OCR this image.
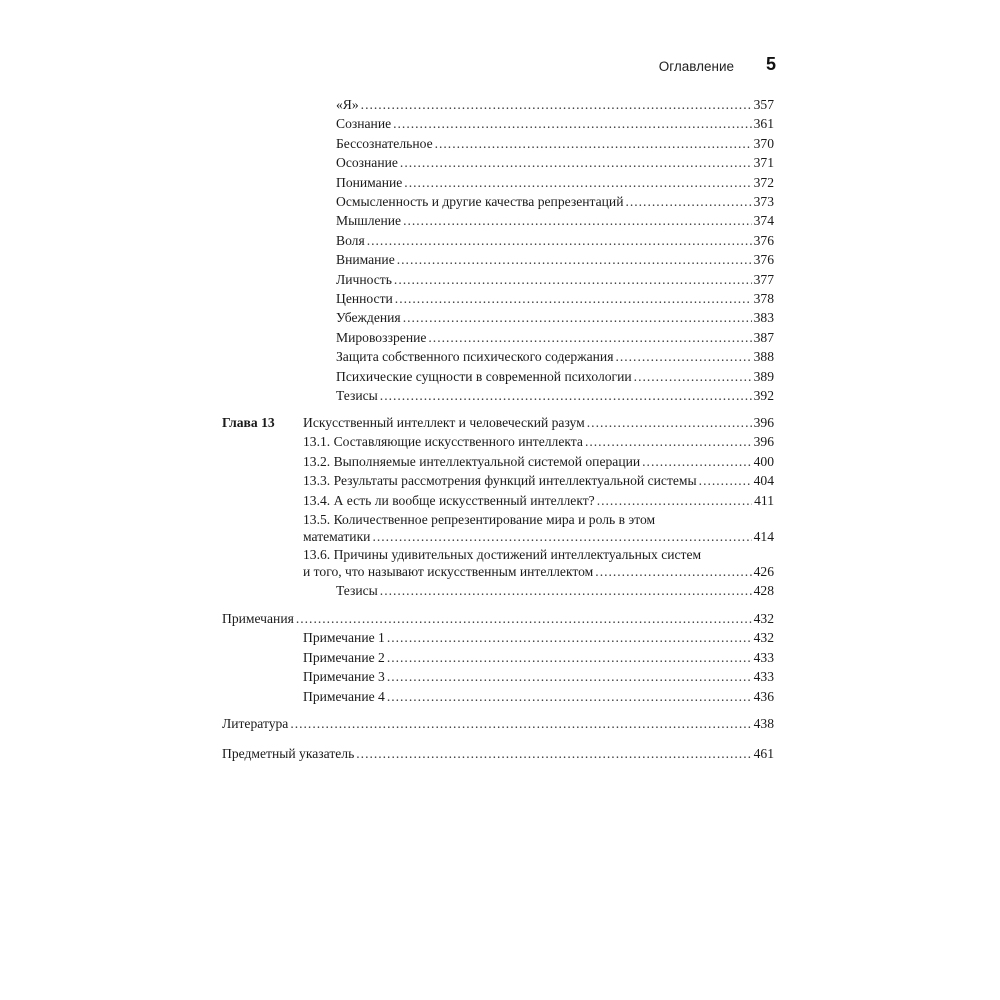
Оглавление 5
«Я» . . .	357
Сознание . . .	361
Бессознательное . . .	370
Осознание . . .	371
Понимание . . .	372
Осмысленность и другие качества репрезентаций . . .	373
Мышление . . .	374
Воля . . .	376
Внимание . . .	376
Личность . . .	377
Ценности . . .	378
Убеждения . . .	383
Мировоззрение . . .	387
Защита собственного психического содержания . . .	388
Психические сущности в современной психологии . . .	389
Тезисы . . .	392
Глава 13 Искусственный интеллект и человеческий разум . . .	396
13.1. Составляющие искусственного интеллекта . . .	396
13.2. Выполняемые интеллектуальной системой операции . . .	400
13.3. Результаты рассмотрения функций интеллектуальной системы . . .	404
13.4. А есть ли вообще искусственный интеллект? . . .	411
13.5. Количественное репрезентирование мира и роль в этом
математики . . .	414
13.6. Причины удивительных достижений интеллектуальных систем
и того, что называют искусственным интеллектом . . .	426
Тезисы . . .	428
Примечания . . .	432
Примечание 1 . . .	432
Примечание 2 . . .	433
Примечание 3 . . .	433
Примечание 4 . . .	436
Литература . . .	438
Предметный указатель . . .	461
